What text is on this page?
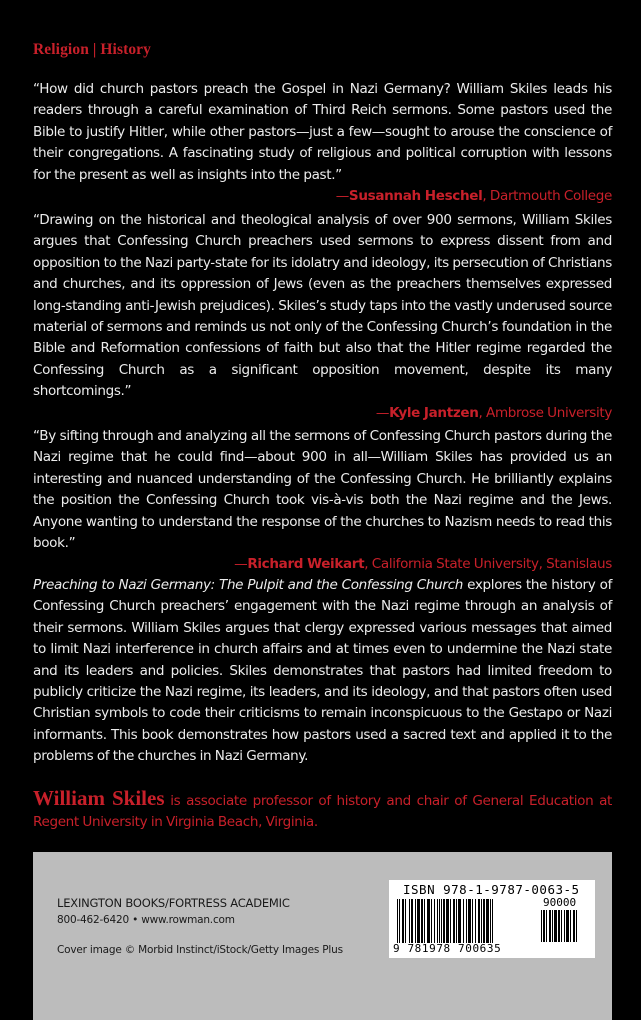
Religion | History
“How did church pastors preach the Gospel in Nazi Germany? William Skiles leads his readers through a careful examination of Third Reich sermons. Some pastors used the Bible to justify Hitler, while other pastors—just a few—sought to arouse the conscience of their congregations. A fascinating study of religious and political corruption with lessons for the present as well as insights into the past.”
—Susannah Heschel, Dartmouth College
“Drawing on the historical and theological analysis of over 900 sermons, William Skiles argues that Confessing Church preachers used sermons to express dissent from and opposition to the Nazi party-state for its idolatry and ideology, its persecution of Christians and churches, and its oppression of Jews (even as the preachers themselves expressed long-standing anti-Jewish prejudices). Skiles’s study taps into the vastly underused source material of sermons and reminds us not only of the Confessing Church’s foundation in the Bible and Reformation confessions of faith but also that the Hitler regime regarded the Confessing Church as a significant opposition movement, despite its many shortcomings.”
—Kyle Jantzen, Ambrose University
“By sifting through and analyzing all the sermons of Confessing Church pastors during the Nazi regime that he could find—about 900 in all—William Skiles has provided us an interesting and nuanced understanding of the Confessing Church. He brilliantly explains the position the Confessing Church took vis-à-vis both the Nazi regime and the Jews. Anyone wanting to understand the response of the churches to Nazism needs to read this book.”
—Richard Weikart, California State University, Stanislaus
Preaching to Nazi Germany: The Pulpit and the Confessing Church explores the history of Confessing Church preachers’ engagement with the Nazi regime through an analysis of their sermons. William Skiles argues that clergy expressed various messages that aimed to limit Nazi interference in church affairs and at times even to undermine the Nazi state and its leaders and policies. Skiles demonstrates that pastors had limited freedom to publicly criticize the Nazi regime, its leaders, and its ideology, and that pastors often used Christian symbols to code their criticisms to remain inconspicuous to the Gestapo or Nazi informants. This book demonstrates how pastors used a sacred text and applied it to the problems of the churches in Nazi Germany.
William Skiles is associate professor of history and chair of General Education at Regent University in Virginia Beach, Virginia.
LEXINGTON BOOKS/FORTRESS ACADEMIC
800-462-6420 • www.rowman.com
Cover image © Morbid Instinct/iStock/Getty Images Plus
ISBN 978-1-9787-0063-5
90000
9 781978 700635
